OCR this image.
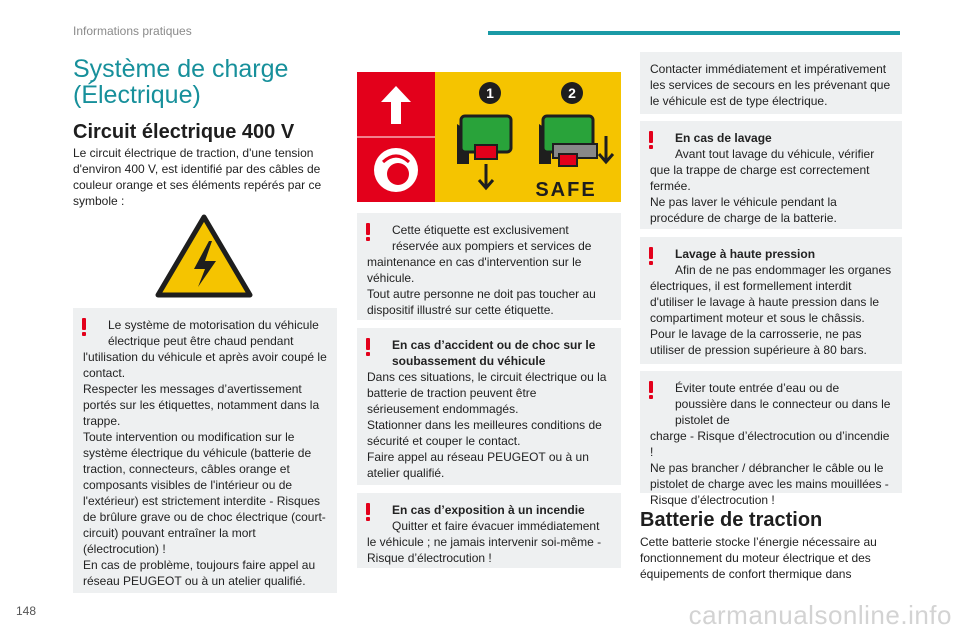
Informations pratiques
Système de charge (Électrique)
Circuit électrique 400 V

Le circuit électrique de traction, d'une tension d'environ 400 V, est identifié par des câbles de couleur orange et ses éléments repérés par ce symbole :

Le système de motorisation du véhicule électrique peut être chaud pendant
l'utilisation du véhicule et après avoir coupé le contact.
Respecter les messages d’avertissement portés sur les étiquettes, notamment dans la trappe.
Toute intervention ou modification sur le système électrique du véhicule (batterie de traction, connecteurs, câbles orange et composants visibles de l'intérieur ou de l'extérieur) est strictement interdite - Risques de brûlure grave ou de choc électrique (court-circuit) pouvant entraîner la mort (électrocution) !
En cas de problème, toujours faire appel au réseau PEUGEOT ou à un atelier qualifié.
1	2
SAFE
Cette étiquette est exclusivement réservée aux pompiers et services de
maintenance en cas d'intervention sur le véhicule.
Tout autre personne ne doit pas toucher au dispositif illustré sur cette étiquette.
En cas d’accident ou de choc sur le soubassement du véhicule
Dans ces situations, le circuit électrique ou la batterie de traction peuvent être sérieusement endommagés.
Stationner dans les meilleures conditions de sécurité et couper le contact.
Faire appel au réseau PEUGEOT ou à un atelier qualifié.
En cas d’exposition à un incendie
Quitter et faire évacuer immédiatement
le véhicule ; ne jamais intervenir soi-même - Risque d’électrocution !
Contacter immédiatement et impérativement les services de secours en les prévenant que le véhicule est de type électrique.
En cas de lavage
Avant tout lavage du véhicule, vérifier
que la trappe de charge est correctement fermée.
Ne pas laver le véhicule pendant la procédure de charge de la batterie.
Lavage à haute pression
Afin de ne pas endommager les organes
électriques, il est formellement interdit d'utiliser le lavage à haute pression dans le compartiment moteur et sous le châssis.
Pour le lavage de la carrosserie, ne pas utiliser de pression supérieure à 80 bars.
Éviter toute entrée d’eau ou de poussière dans le connecteur ou dans le pistolet de
charge - Risque d’électrocution ou d’incendie !
Ne pas brancher / débrancher le câble ou le pistolet de charge avec les mains mouillées - Risque d’électrocution !
Batterie de traction

Cette batterie stocke l’énergie nécessaire au fonctionnement du moteur électrique et des équipements de confort thermique dans

148	carmanualsonline.info
